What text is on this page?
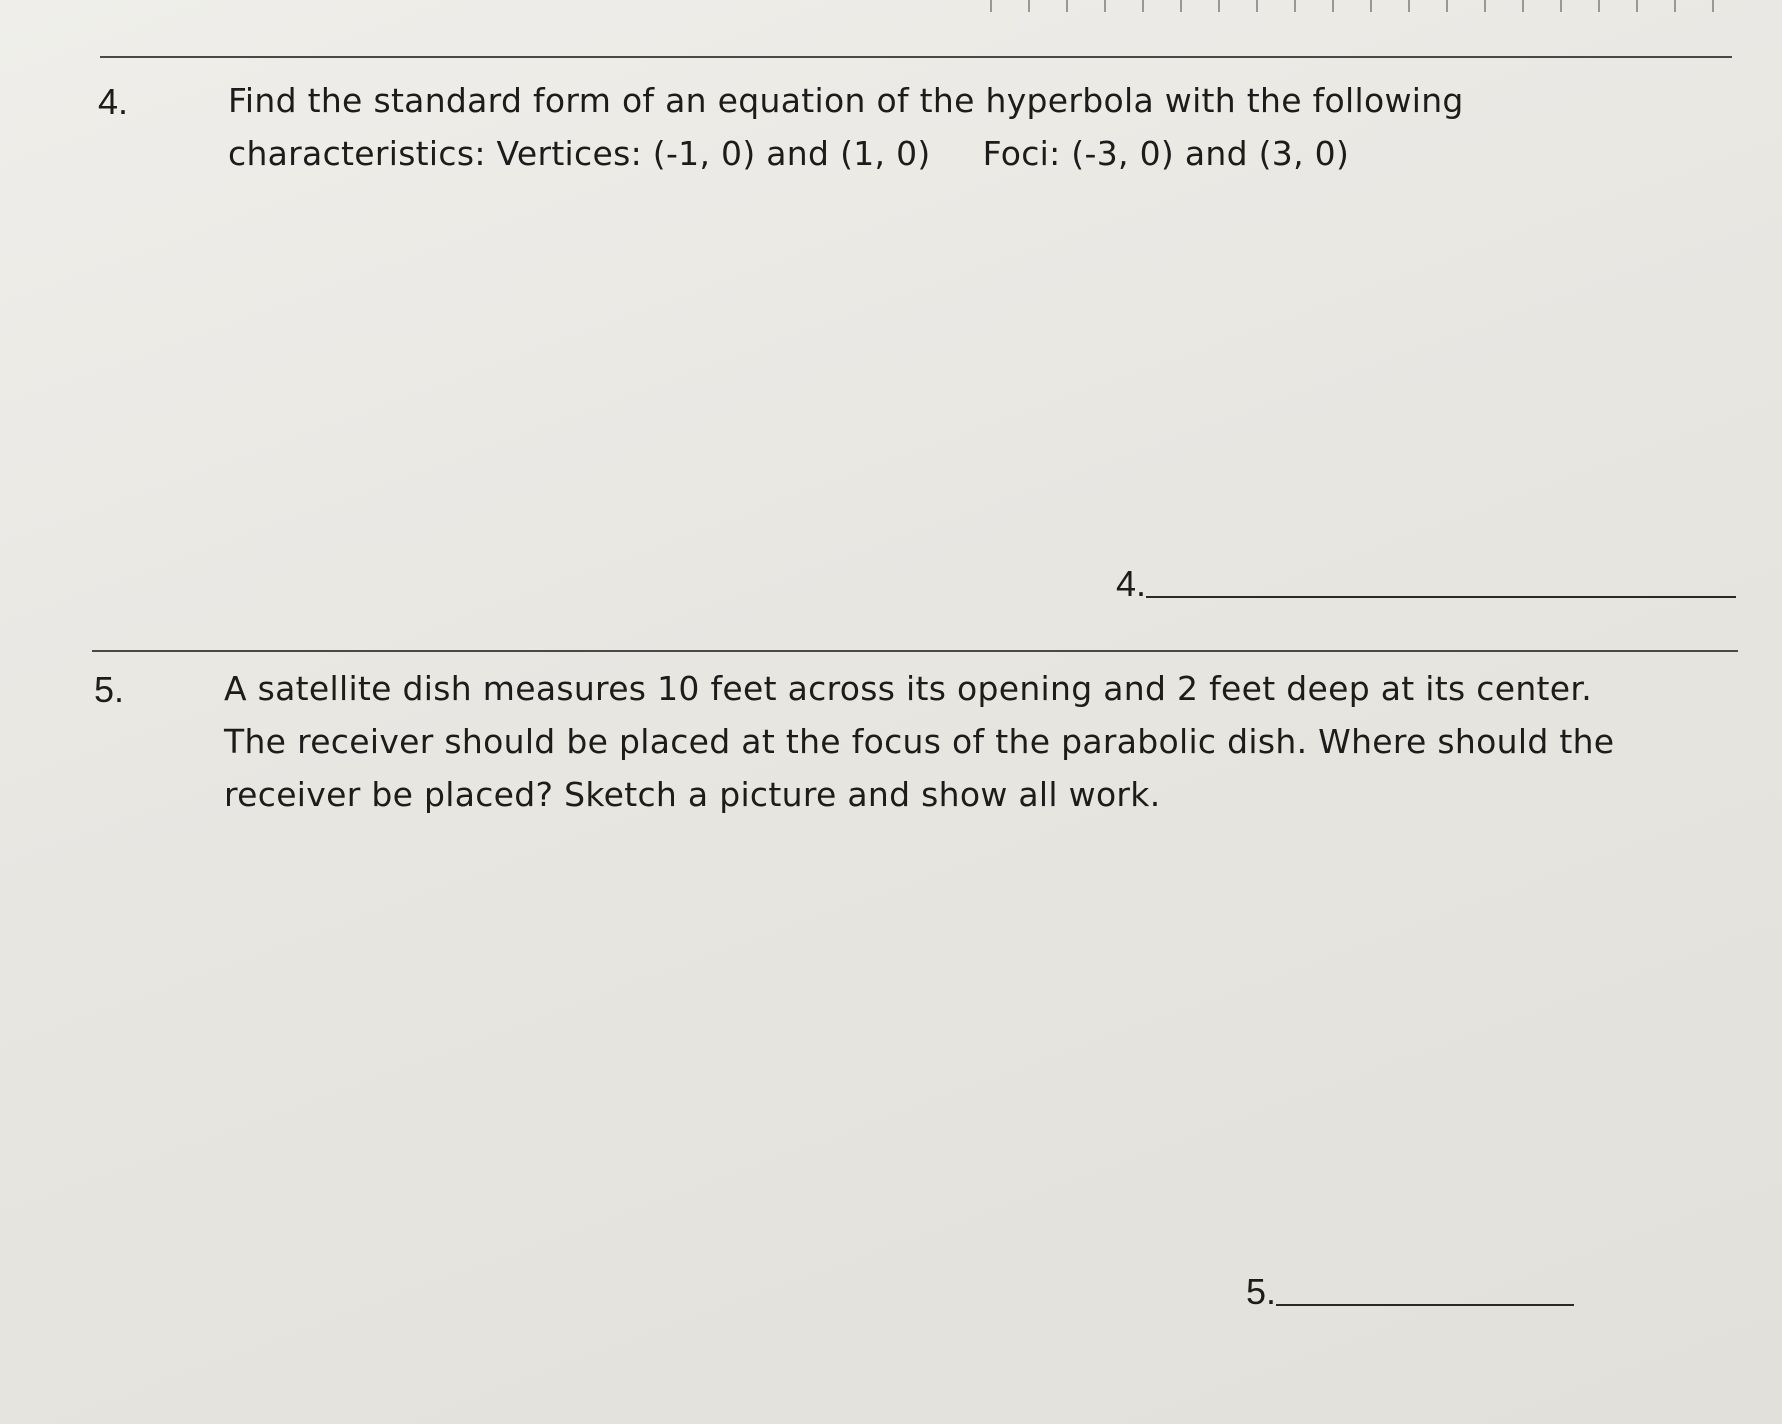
4.	Find the standard form of an equation of the hyperbola with the following
characteristics: Vertices: (-1, 0) and (1, 0) Foci: (-3, 0) and (3, 0)
4.
5.	A satellite dish measures 10 feet across its opening and 2 feet deep at its center.
The receiver should be placed at the focus of the parabolic dish. Where should the
receiver be placed? Sketch a picture and show all work.
5.
